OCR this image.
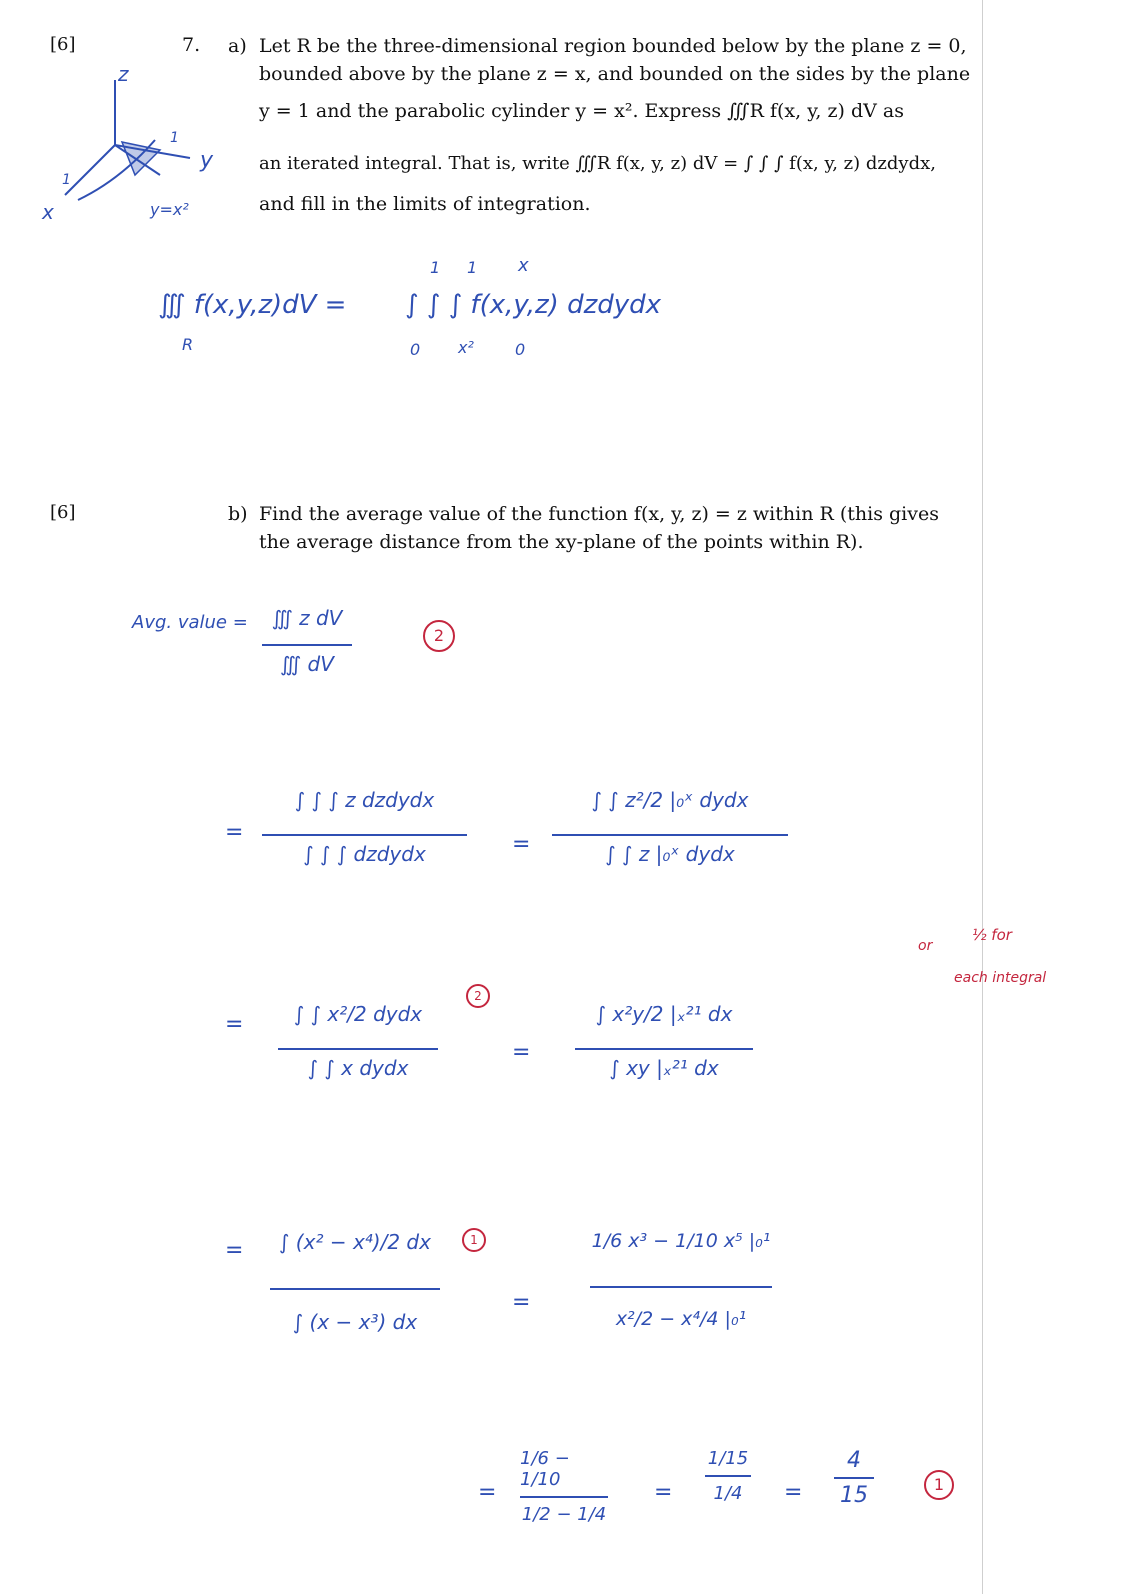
[6]	7. a) Let R be the three-dimensional region bounded below by the plane z = 0,
bounded above by the plane z = x, and bounded on the sides by the plane
y = 1 and the parabolic cylinder y = x². Express ∭R f(x, y, z) dV as
an iterated integral. That is, write ∭R f(x, y, z) dV = ∫ ∫ ∫ f(x, y, z) dzdydx,
and fill in the limits of integration.
z
y
x	y=x²
1
1
∭ f(x,y,z)dV =
R
∫ ∫ ∫ f(x,y,z) dzdydx
1 1 x
0 x²	0
[6]	b) Find the average value of the function f(x, y, z) = z within R (this gives
the average distance from the xy-plane of the points within R).
Avg. value = ∭ z dV
∭ dV
2
=
∫ ∫ ∫ z dzdydx
∫ ∫ ∫ dzdydx	=
∫ ∫ z²/2 |₀ˣ dydx
∫ ∫ z |₀ˣ dydx
or
½ for
each integral
=	∫ ∫ x²/2 dydx
∫ ∫ x dydx
2
=
∫ x²y/2 |ₓ²¹ dx
∫ xy |ₓ²¹ dx
= ∫ (x² − x⁴)/2 dx
∫ (x − x³) dx
1
=
1/6 x³ − 1/10 x⁵ |₀¹
x²/2 − x⁴/4 |₀¹
=
1/6 − 1/10
1/2 − 1/4
=
1/15
1/4 =
4
15	1
